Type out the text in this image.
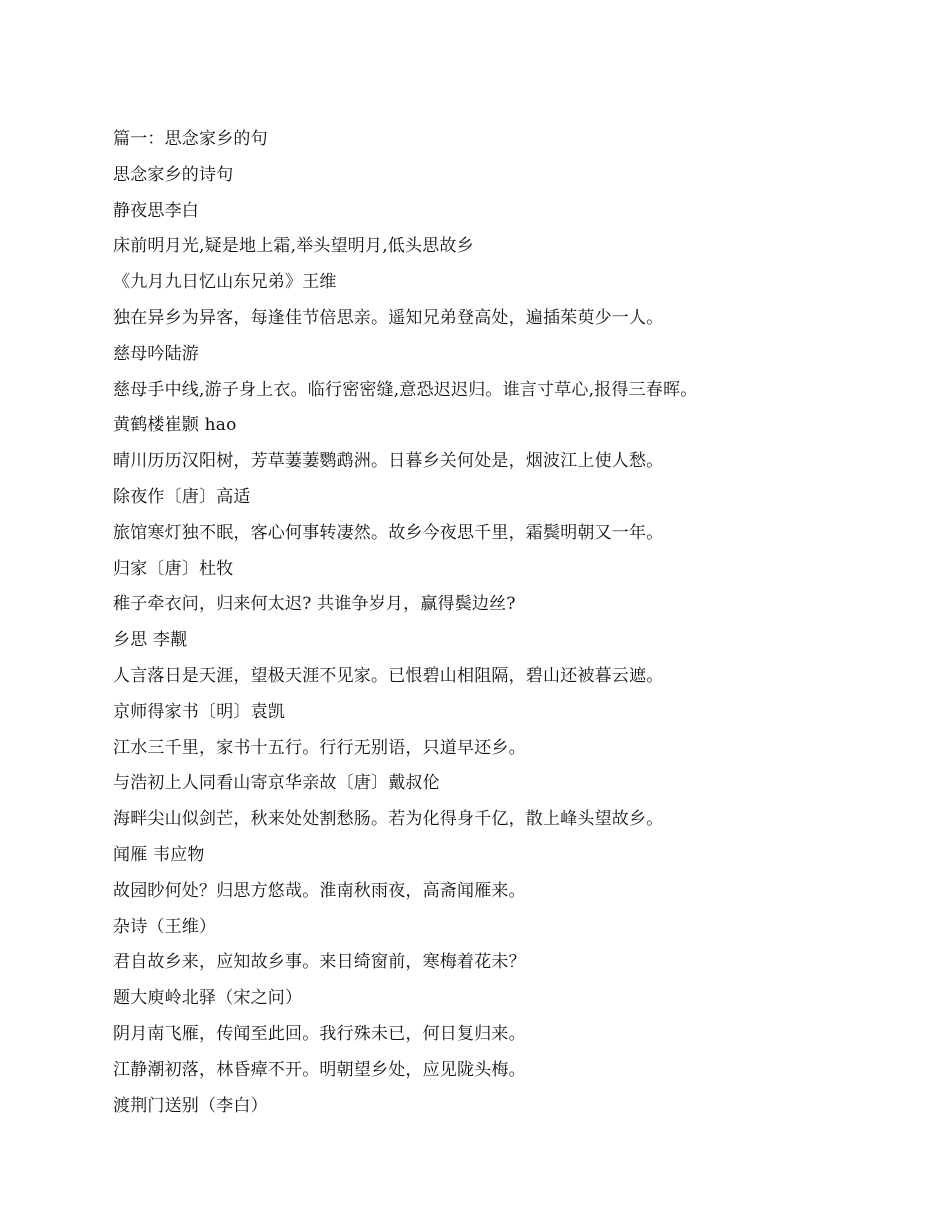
篇一：思念家乡的句
思念家乡的诗句
静夜思李白
床前明月光,疑是地上霜,举头望明月,低头思故乡
《九月九日忆山东兄弟》王维
独在异乡为异客，每逢佳节倍思亲。遥知兄弟登高处，遍插茱萸少一人。
慈母吟陆游
慈母手中线,游子身上衣。临行密密缝,意恐迟迟归。谁言寸草心,报得三春晖。
黄鹤楼崔颢 hao
晴川历历汉阳树，芳草萋萋鹦鹉洲。日暮乡关何处是，烟波江上使人愁。
除夜作〔唐〕高适
旅馆寒灯独不眠，客心何事转凄然。故乡今夜思千里，霜鬓明朝又一年。
归家〔唐〕杜牧
稚子牵衣问，归来何太迟? 共谁争岁月，赢得鬓边丝?
乡思 李觏
人言落日是天涯，望极天涯不见家。已恨碧山相阻隔，碧山还被暮云遮。
京师得家书〔明〕袁凯
江水三千里，家书十五行。行行无别语，只道早还乡。
与浩初上人同看山寄京华亲故〔唐〕戴叔伦
海畔尖山似剑芒，秋来处处割愁肠。若为化得身千亿，散上峰头望故乡。
闻雁 韦应物
故园眇何处？归思方悠哉。淮南秋雨夜，高斋闻雁来。
杂诗（王维）
君自故乡来，应知故乡事。来日绮窗前，寒梅着花未？
题大庾岭北驿（宋之问）
阴月南飞雁，传闻至此回。我行殊未已，何日复归来。
江静潮初落，林昏瘴不开。明朝望乡处，应见陇头梅。
渡荆门送别（李白）
